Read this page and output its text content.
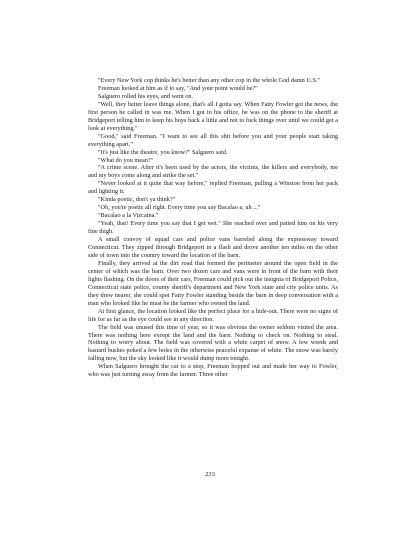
"Every New York cop thinks he's better than any other cop in the whole God damn U.S."

Freeman looked at him as if to say, "And your point would be?"

Salguero rolled his eyes, and went on.

"Well, they better leave things alone, that's all I gotta say. When Fatty Fowler got the news, the first person he called in was me. When I got to his office, he was on the phone to the sheriff at Bridgeport telling him to keep his boys back a little and not to fuck things over until we could get a look at everything."

"Good," said Freeman. "I want to see all this shit before you and your people start taking everything apart."

"It's just like the theatre, you know?" Salguero said.

"What do you mean?"

"A crime scene. After it's been used by the actors, the victims, the killers and everybody, me and my boys come along and strike the set."

"Never looked at it quite that way before," replied Freeman, pulling a Winston from her pack and lighting it.

"Kinda poetic, don't ya think?"

"Oh, you're poetic all right. Every time you say Bacalao a, uh ..."

"Bacalao a la Vizcaina."

"Yeah, that! Every time you say that I get wet." She reached over and patted him on his very fine thigh.

A small convoy of squad cars and police vans barreled along the expressway toward Connecticut. They zipped through Bridgeport in a flash and drove another ten miles on the other side of town into the country toward the location of the barn.

Finally, they arrived at the dirt road that formed the perimeter around the open field in the center of which was the barn. Over two dozen cars and vans were in front of the barn with their lights flashing. On the doors of their cars, Freeman could pick out the insignia of Bridgeport Police, Connecticut state police, county sheriff's department and New York state and city police units. As they drew nearer, she could spot Fatty Fowler standing beside the barn in deep conversation with a man who looked like he must be the farmer who owned the land.

At first glance, the location looked like the perfect place for a hide-out. There were no signs of life for as far as the eye could see in any direction.

The field was unused this time of year, so it was obvious the owner seldom visited the area. There was nothing here except the land and the barn. Nothing to check on. Nothing to steal. Nothing to worry about. The field was covered with a white carpet of snow. A few weeds and bastard bushes poked a few holes in the otherwise peaceful expanse of white. The snow was barely falling now, but the sky looked like it would dump more tonight.

When Salguero brought the car to a stop, Freeman hopped out and made her way to Fowler, who was just turning away from the farmer. Three other

233
